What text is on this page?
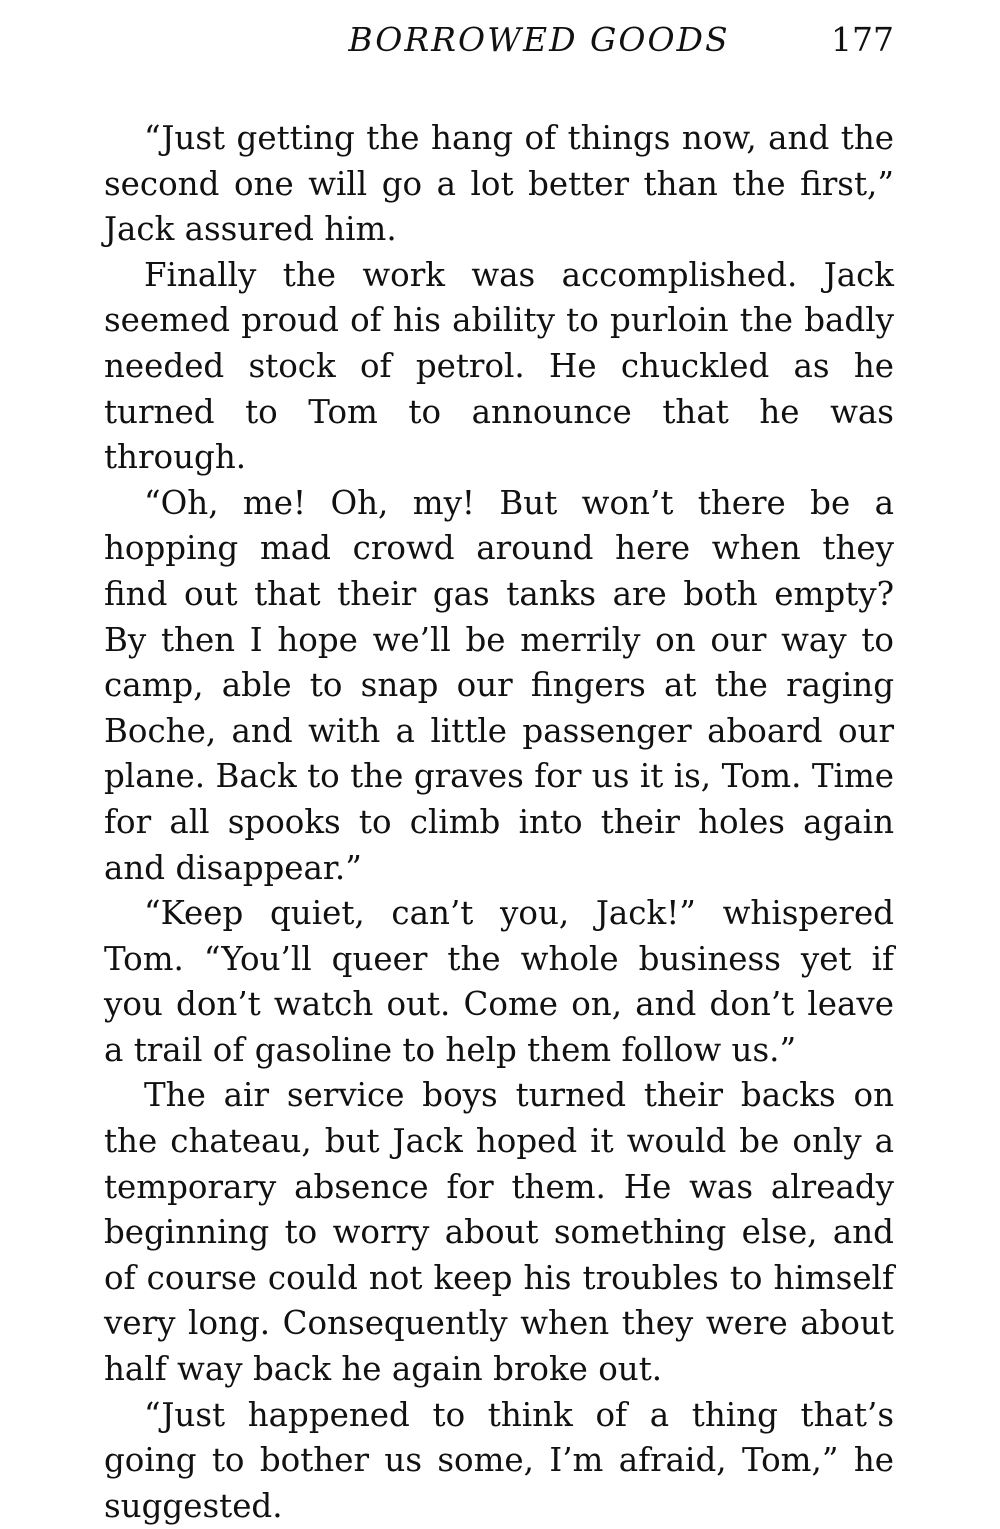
BORROWED GOODS	177

“Just getting the hang of things now, and the second one will go a lot better than the first,” Jack assured him.

Finally the work was accomplished. Jack seemed proud of his ability to purloin the badly needed stock of petrol. He chuckled as he turned to Tom to announce that he was through.

“Oh, me! Oh, my! But won’t there be a hopping mad crowd around here when they find out that their gas tanks are both empty? By then I hope we’ll be merrily on our way to camp, able to snap our fingers at the raging Boche, and with a little passenger aboard our plane. Back to the graves for us it is, Tom. Time for all spooks to climb into their holes again and disappear.”

“Keep quiet, can’t you, Jack!” whispered Tom. “You’ll queer the whole business yet if you don’t watch out. Come on, and don’t leave a trail of gasoline to help them follow us.”

The air service boys turned their backs on the chateau, but Jack hoped it would be only a temporary absence for them. He was already beginning to worry about something else, and of course could not keep his troubles to himself very long. Consequently when they were about half way back he again broke out.

“Just happened to think of a thing that’s going to bother us some, I’m afraid, Tom,” he suggested.
